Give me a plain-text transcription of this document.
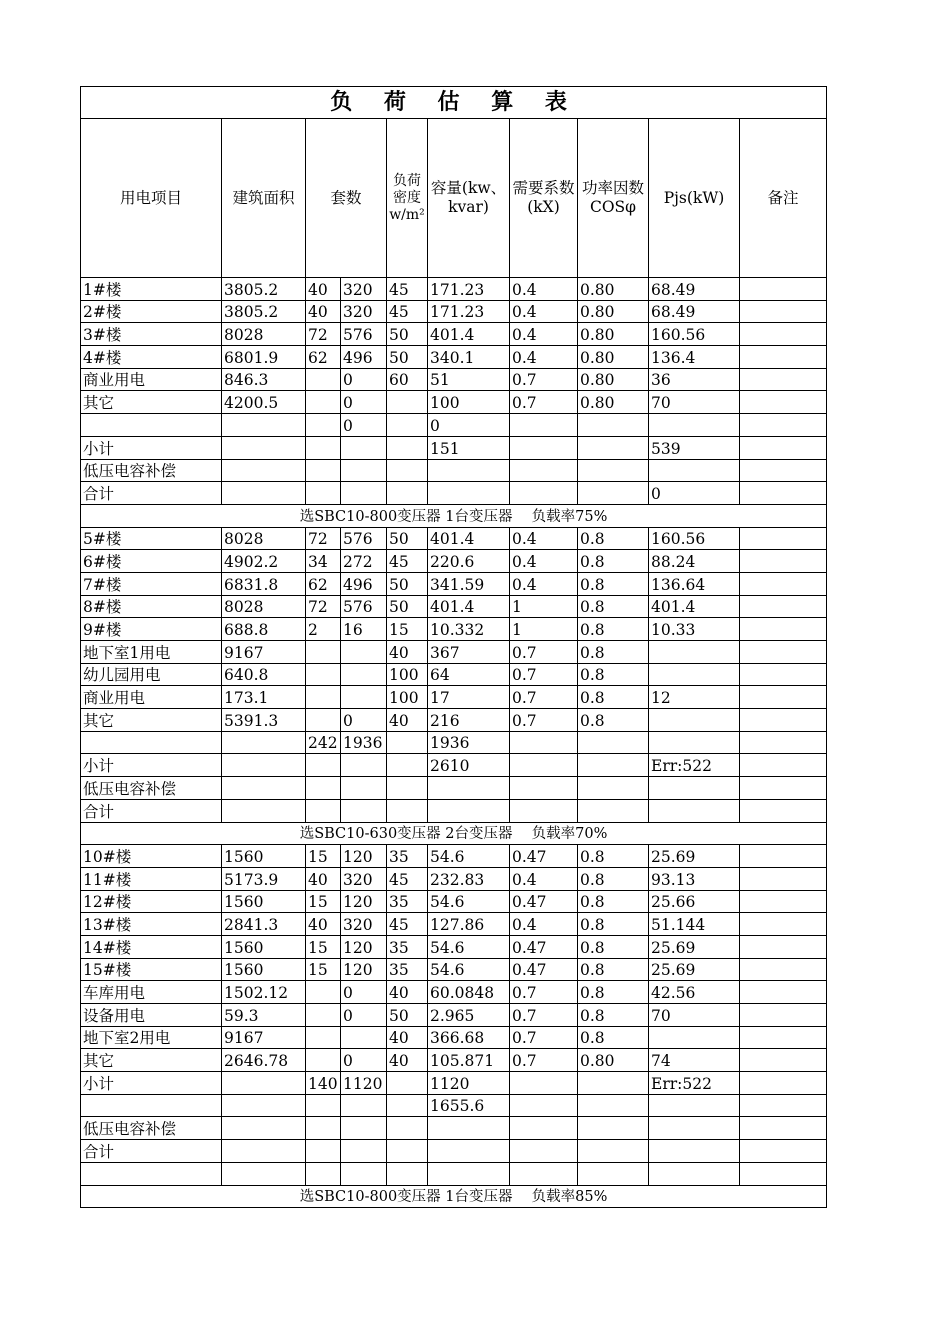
负 荷 估 算 表									
用电项目	建筑面积	套数		负荷密度w/m²	容量(kw、kvar)	需要系数(kX)	功率因数COSφ	Pjs(kW)	备注
1#楼	3805.2	40	320	45	171.23	0.4	0.80	68.49	
2#楼	3805.2	40	320	45	171.23	0.4	0.80	68.49	
3#楼	8028	72	576	50	401.4	0.4	0.80	160.56	
4#楼	6801.9	62	496	50	340.1	0.4	0.80	136.4	
商业用电	846.3		0	60	51	0.7	0.80	36	
其它	4200.5		0		100	0.7	0.80	70	
			0		0				
小计					151			539	
低压电容补偿									
合计								0	
选SBC10-800变压器 1台变压器　 负载率75%									
5#楼	8028	72	576	50	401.4	0.4	0.8	160.56	
6#楼	4902.2	34	272	45	220.6	0.4	0.8	88.24	
7#楼	6831.8	62	496	50	341.59	0.4	0.8	136.64	
8#楼	8028	72	576	50	401.4	1	0.8	401.4	
9#楼	688.8	2	16	15	10.332	1	0.8	10.33	
地下室1用电	9167			40	367	0.7	0.8		
幼儿园用电	640.8			100	64	0.7	0.8		
商业用电	173.1			100	17	0.7	0.8	12	
其它	5391.3		0	40	216	0.7	0.8		
		242	1936		1936				
小计					2610			Err:522	
低压电容补偿									
合计									
选SBC10-630变压器 2台变压器　 负载率70%									
10#楼	1560	15	120	35	54.6	0.47	0.8	25.69	
11#楼	5173.9	40	320	45	232.83	0.4	0.8	93.13	
12#楼	1560	15	120	35	54.6	0.47	0.8	25.66	
13#楼	2841.3	40	320	45	127.86	0.4	0.8	51.144	
14#楼	1560	15	120	35	54.6	0.47	0.8	25.69	
15#楼	1560	15	120	35	54.6	0.47	0.8	25.69	
车库用电	1502.12		0	40	60.0848	0.7	0.8	42.56	
设备用电	59.3		0	50	2.965	0.7	0.8	70	
地下室2用电	9167			40	366.68	0.7	0.8		
其它	2646.78		0	40	105.871	0.7	0.80	74	
小计		140	1120		1120			Err:522	
					1655.6				
低压电容补偿									
合计									

选SBC10-800变压器 1台变压器　 负载率85%									
